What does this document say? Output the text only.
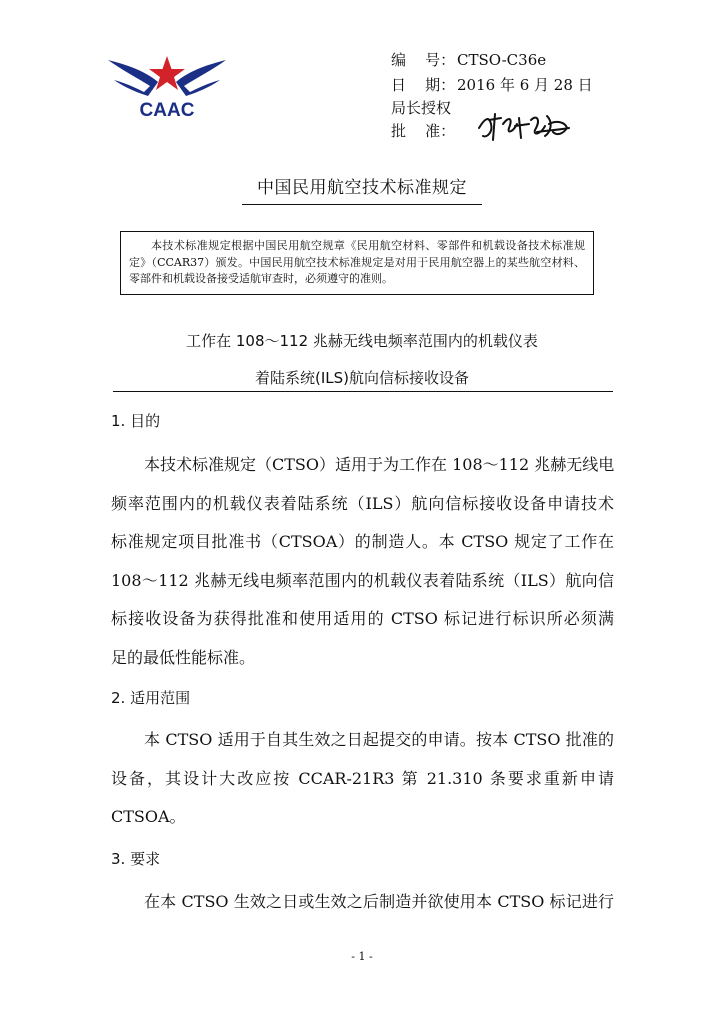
CAAC
编    号： CTSO-C36e
日    期： 2016 年 6 月 28 日
局长授权
批    准：
中国民用航空技术标准规定
本技术标准规定根据中国民用航空规章《民用航空材料、零部件和机载设备技术标准规定》（CCAR37）颁发。中国民用航空技术标准规定是对用于民用航空器上的某些航空材料、零部件和机载设备接受适航审查时，必须遵守的准则。
工作在 108～112 兆赫无线电频率范围内的机载仪表
着陆系统(ILS)航向信标接收设备
1. 目的
本技术标准规定（CTSO）适用于为工作在 108～112 兆赫无线电
频率范围内的机载仪表着陆系统（ILS）航向信标接收设备申请技术
标准规定项目批准书（CTSOA）的制造人。本 CTSO 规定了工作在
108～112 兆赫无线电频率范围内的机载仪表着陆系统（ILS）航向信
标接收设备为获得批准和使用适用的 CTSO 标记进行标识所必须满
足的最低性能标准。
2. 适用范围
本 CTSO 适用于自其生效之日起提交的申请。按本 CTSO 批准的
设备，其设计大改应按 CCAR-21R3 第 21.310 条要求重新申请
CTSOA。
3. 要求
在本 CTSO 生效之日或生效之后制造并欲使用本 CTSO 标记进行
- 1 -
